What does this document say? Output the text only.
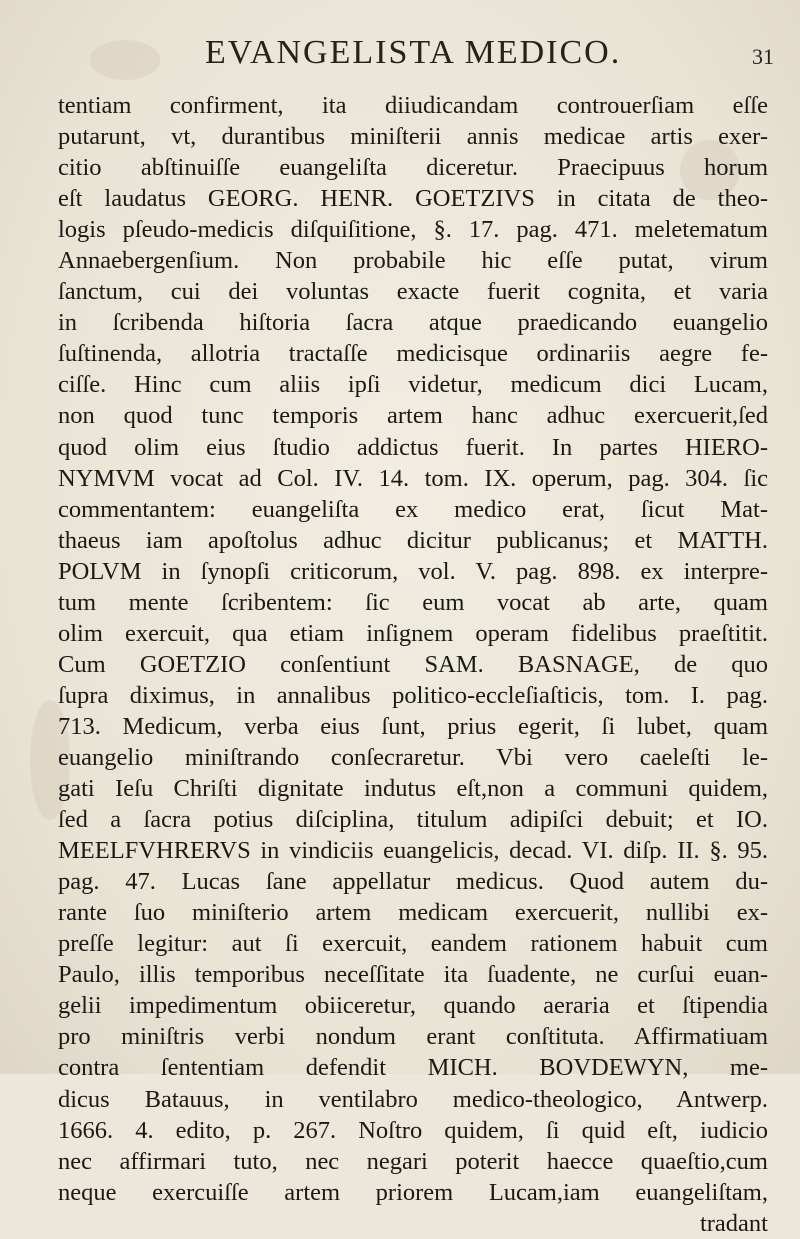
EVANGELISTA MEDICO.	31
tentiam confirment, ita diiudicandam controuerſiam eſſe
putarunt, vt, durantibus miniſterii annis medicae artis exer-
citio abſtinuiſſe euangeliſta diceretur. Praecipuus horum
eſt laudatus GEORG. HENR. GOETZIVS in citata de theo-
logis pſeudo-medicis diſquiſitione, §. 17. pag. 471. meletematum
Annaebergenſium. Non probabile hic eſſe putat, virum
ſanctum, cui dei voluntas exacte fuerit cognita, et varia
in ſcribenda hiſtoria ſacra atque praedicando euangelio
ſuſtinenda, allotria tractaſſe medicisque ordinariis aegre fe-
ciſſe. Hinc cum aliis ipſi videtur, medicum dici Lucam,
non quod tunc temporis artem hanc adhuc exercuerit,ſed
quod olim eius ſtudio addictus fuerit. In partes HIERO-
NYMVM vocat ad Col. IV. 14. tom. IX. operum, pag. 304. ſic
commentantem: euangeliſta ex medico erat, ſicut Mat-
thaeus iam apoſtolus adhuc dicitur publicanus; et MATTH.
POLVM in ſynopſi criticorum, vol. V. pag. 898. ex interpre-
tum mente ſcribentem: ſic eum vocat ab arte, quam
olim exercuit, qua etiam inſignem operam fidelibus praeſtitit.
Cum GOETZIO conſentiunt SAM. BASNAGE, de quo
ſupra diximus, in annalibus politico-eccleſiaſticis, tom. I. pag.
713. Medicum, verba eius ſunt, prius egerit, ſi lubet, quam
euangelio miniſtrando conſecraretur. Vbi vero caeleſti le-
gati Ieſu Chriſti dignitate indutus eſt,non a communi quidem,
ſed a ſacra potius diſciplina, titulum adipiſci debuit; et IO.
MEELFVHRERVS in vindiciis euangelicis, decad. VI. diſp. II. §. 95.
pag. 47. Lucas ſane appellatur medicus. Quod autem du-
rante ſuo miniſterio artem medicam exercuerit, nullibi ex-
preſſe legitur: aut ſi exercuit, eandem rationem habuit cum
Paulo, illis temporibus neceſſitate ita ſuadente, ne curſui euan-
gelii impedimentum obiiceretur, quando aeraria et ſtipendia
pro miniſtris verbi nondum erant conſtituta. Affirmatiuam
contra ſententiam defendit MICH. BOVDEWYN, me-
dicus Batauus, in ventilabro medico-theologico, Antwerp.
1666. 4. edito, p. 267. Noſtro quidem, ſi quid eſt, iudicio
nec affirmari tuto, nec negari poterit haecce quaeſtio,cum
neque exercuiſſe artem priorem Lucam,iam euangeliſtam,
tradant
